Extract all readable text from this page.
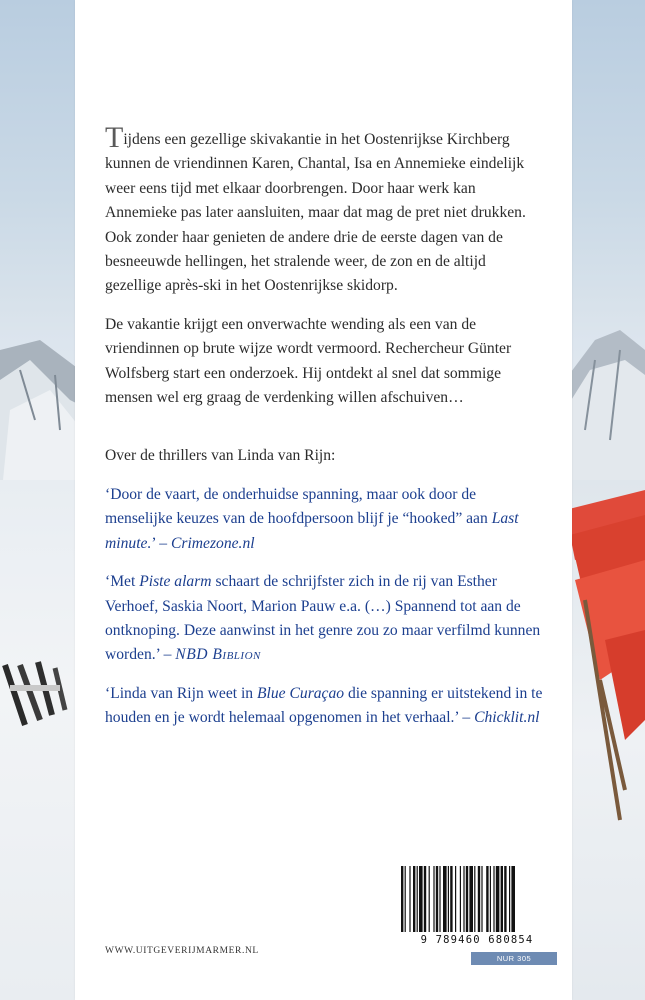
Tijdens een gezellige skivakantie in het Oostenrijkse Kirchberg kunnen de vriendinnen Karen, Chantal, Isa en Annemieke eindelijk weer eens tijd met elkaar doorbrengen. Door haar werk kan Annemieke pas later aansluiten, maar dat mag de pret niet drukken. Ook zonder haar genieten de andere drie de eerste dagen van de besneeuwde hellingen, het stralende weer, de zon en de altijd gezellige après-ski in het Oostenrijkse skidorp.

De vakantie krijgt een onverwachte wending als een van de vriendinnen op brute wijze wordt vermoord. Rechercheur Günter Wolfsberg start een onderzoek. Hij ontdekt al snel dat sommige mensen wel erg graag de verdenking willen afschuiven…

Over de thrillers van Linda van Rijn:

‘Door de vaart, de onderhuidse spanning, maar ook door de menselijke keuzes van de hoofdpersoon blijf je “hooked” aan Last minute.’ – Crimezone.nl

‘Met Piste alarm schaart de schrijfster zich in de rij van Esther Verhoef, Saskia Noort, Marion Pauw e.a. (…) Spannend tot aan de ontknoping. Deze aanwinst in het genre zou zo maar verfilmd kunnen worden.’ – NBD Biblion

‘Linda van Rijn weet in Blue Curaçao die spanning er uitstekend in te houden en je wordt helemaal opgenomen in het verhaal.’ – Chicklit.nl

WWW.UITGEVERIJMARMER.NL
9 789460 680854
NUR 305
